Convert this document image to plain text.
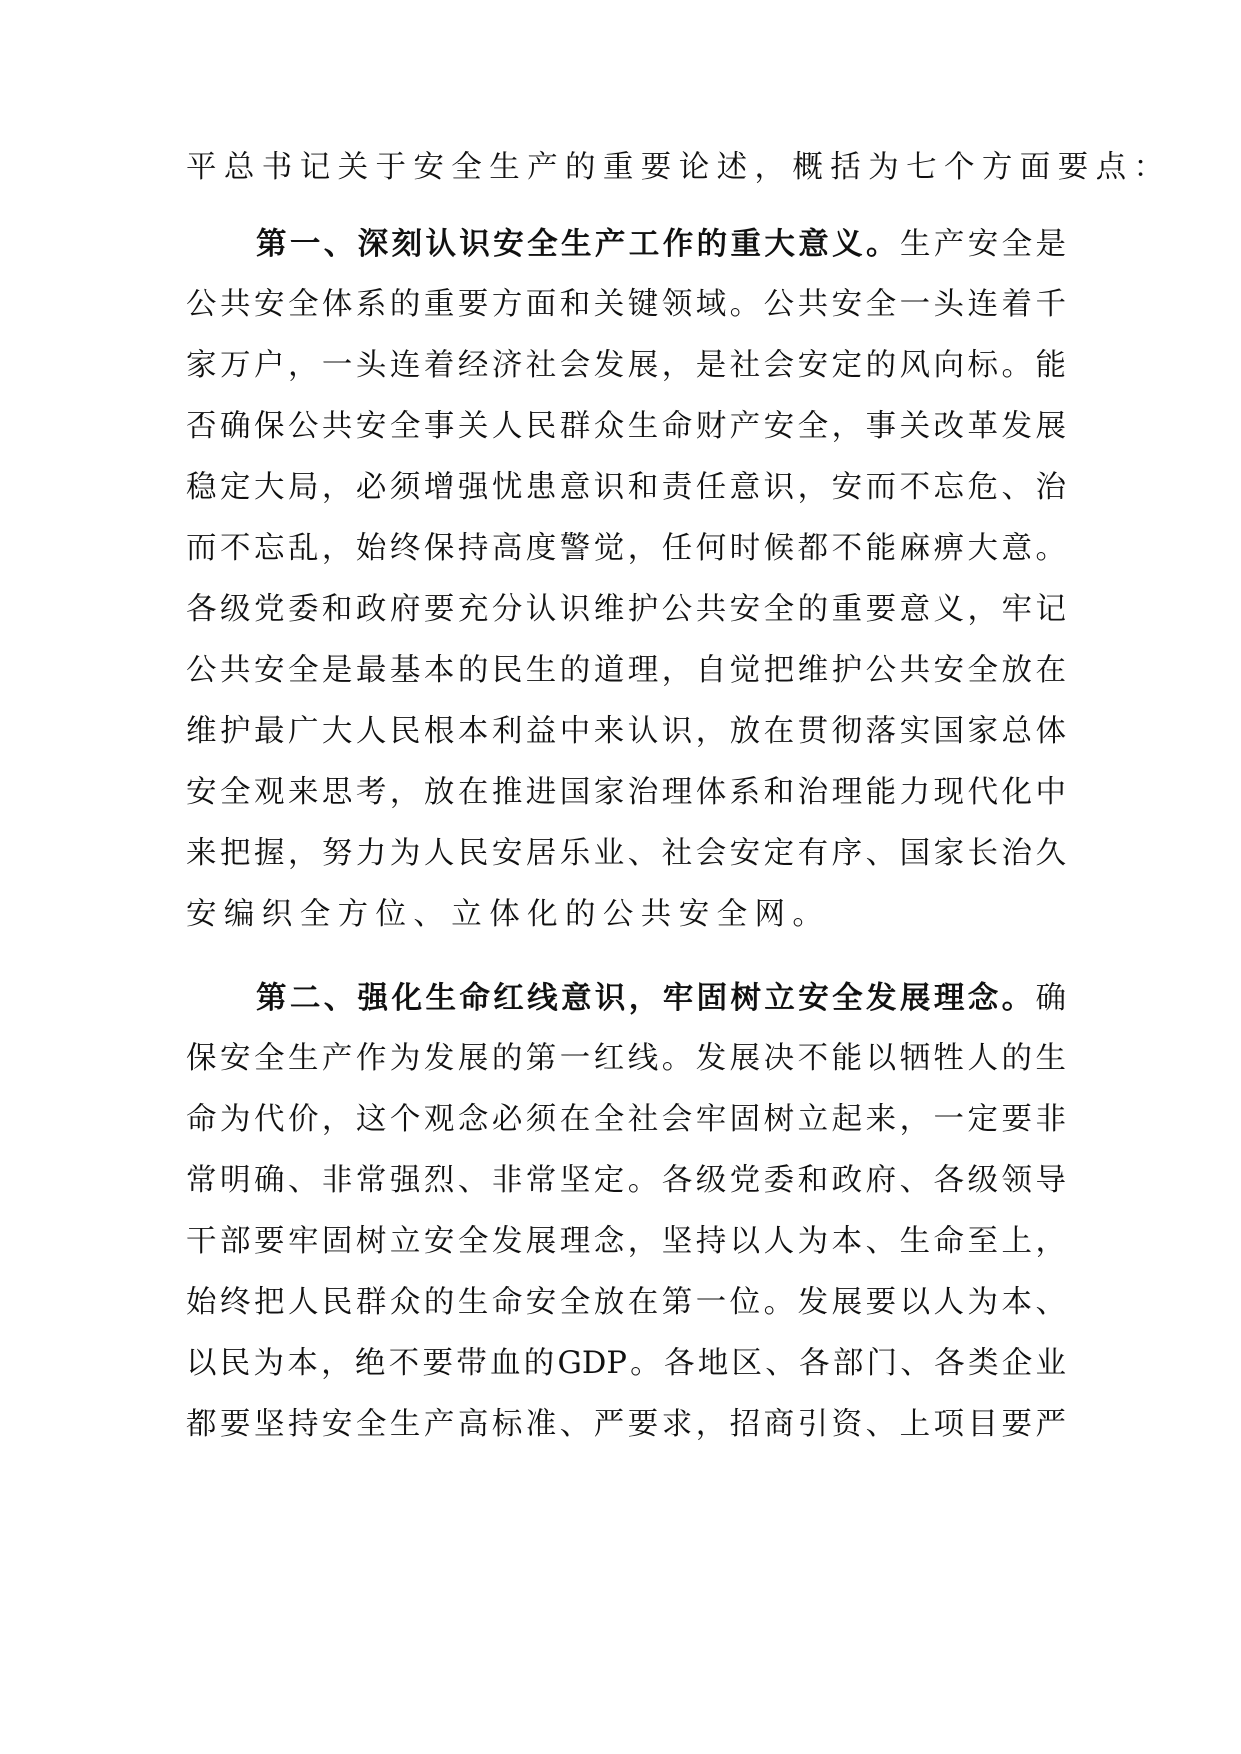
平总书记关于安全生产的重要论述，概括为七个方面要点：
第一、深刻认识安全生产工作的重大意义。生产安全是
公共安全体系的重要方面和关键领域。公共安全一头连着千
家万户，一头连着经济社会发展，是社会安定的风向标。能
否确保公共安全事关人民群众生命财产安全，事关改革发展
稳定大局，必须增强忧患意识和责任意识，安而不忘危、治
而不忘乱，始终保持高度警觉，任何时候都不能麻痹大意。
各级党委和政府要充分认识维护公共安全的重要意义，牢记
公共安全是最基本的民生的道理，自觉把维护公共安全放在
维护最广大人民根本利益中来认识，放在贯彻落实国家总体
安全观来思考，放在推进国家治理体系和治理能力现代化中
来把握，努力为人民安居乐业、社会安定有序、国家长治久
安编织全方位、立体化的公共安全网。
第二、强化生命红线意识，牢固树立安全发展理念。确
保安全生产作为发展的第一红线。发展决不能以牺牲人的生
命为代价，这个观念必须在全社会牢固树立起来，一定要非
常明确、非常强烈、非常坚定。各级党委和政府、各级领导
干部要牢固树立安全发展理念，坚持以人为本、生命至上，
始终把人民群众的生命安全放在第一位。发展要以人为本、
以民为本，绝不要带血的GDP。各地区、各部门、各类企业
都要坚持安全生产高标准、严要求，招商引资、上项目要严
